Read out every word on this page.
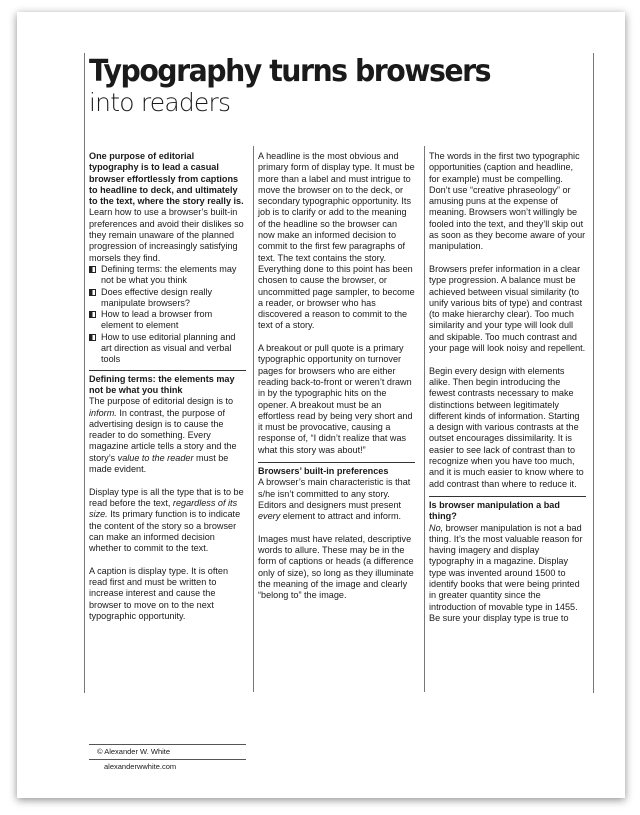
Typography turns browsers
into readers

One purpose of editorial typography is to lead a casual browser effortlessly from captions to headline to deck, and ultimately to the text, where the story really is.

Learn how to use a browser’s built-in preferences and avoid their dislikes so they remain unaware of the planned progression of increasingly satisfying morsels they find.

Defining terms: the elements may not be what you think
Does effective design really manipulate browsers?
How to lead a browser from element to element
How to use editorial planning and art direction as visual and verbal tools

Defining terms: the elements may not be what you think

The purpose of editorial design is to inform. In contrast, the purpose of advertising design is to cause the reader to do something. Every magazine article tells a story and the story’s value to the reader must be made evident.

Display type is all the type that is to be read before the text, regardless of its size. Its primary function is to indicate the content of the story so a browser can make an informed decision whether to commit to the text.

A caption is display type. It is often read first and must be written to increase interest and cause the browser to move on to the next typographic opportunity.

A headline is the most obvious and primary form of display type. It must be more than a label and must intrigue to move the browser on to the deck, or secondary typographic opportunity. Its job is to clarify or add to the meaning of the headline so the browser can now make an informed decision to commit to the first few paragraphs of text. The text contains the story. Everything done to this point has been chosen to cause the browser, or uncommitted page sampler, to become a reader, or browser who has discovered a reason to commit to the text of a story.

A breakout or pull quote is a primary typographic opportunity on turnover pages for browsers who are either reading back-to-front or weren’t drawn in by the typographic hits on the opener. A breakout must be an effortless read by being very short and it must be provocative, causing a response of, “I didn’t realize that was what this story was about!”

Browsers’ built-in preferences

A browser’s main characteristic is that s/he isn’t committed to any story. Editors and designers must present every element to attract and inform.

Images must have related, descriptive words to allure. These may be in the form of captions or heads (a difference only of size), so long as they illuminate the meaning of the image and clearly “belong to” the image.

The words in the first two typographic opportunities (caption and headline, for example) must be compelling. Don’t use “creative phraseology” or amusing puns at the expense of meaning. Browsers won’t willingly be fooled into the text, and they’ll skip out as soon as they become aware of your manipulation.

Browsers prefer information in a clear type progression. A balance must be achieved between visual similarity (to unify various bits of type) and contrast (to make hierarchy clear). Too much similarity and your type will look dull and skipable. Too much contrast and your page will look noisy and repellent.

Begin every design with elements alike. Then begin introducing the fewest contrasts necessary to make distinctions between legitimately different kinds of information. Starting a design with various contrasts at the outset encourages dissimilarity. It is easier to see lack of contrast than to recognize when you have too much, and it is much easier to know where to add contrast than where to reduce it.

Is browser manipulation a bad thing?

No, browser manipulation is not a bad thing. It’s the most valuable reason for having imagery and display typography in a magazine. Display type was invented around 1500 to identify books that were being printed in greater quantity since the introduction of movable type in 1455. Be sure your display type is true to

© Alexander W. White
alexanderwwhite.com
